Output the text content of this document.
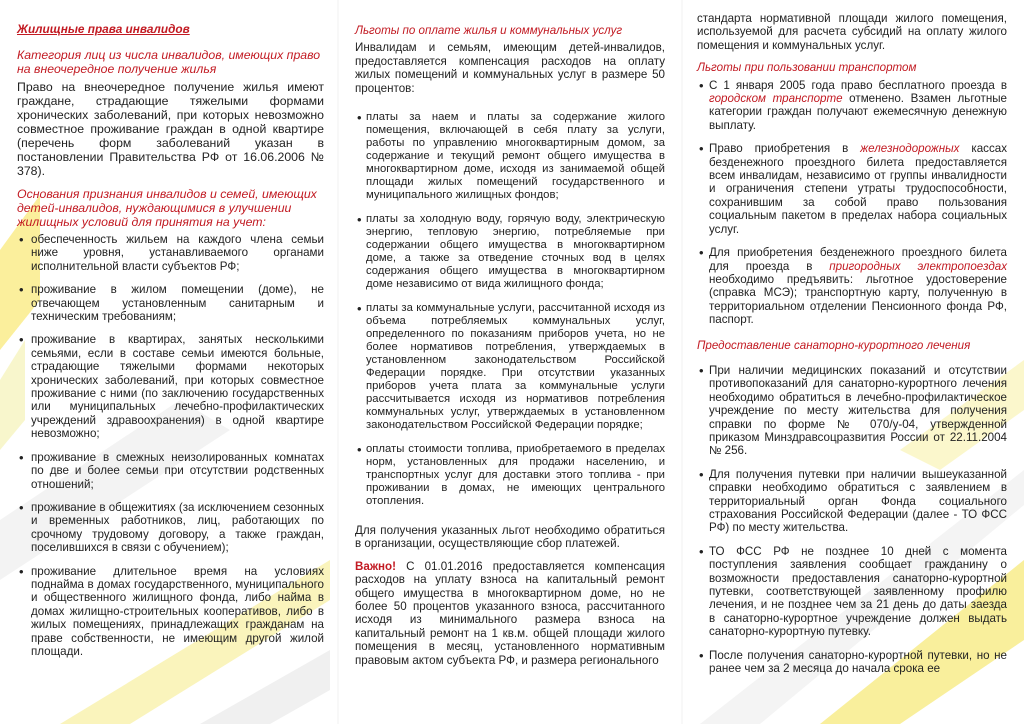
Жилищные права инвалидов
Категория лиц из числа инвалидов, имеющих право на внеочередное получение жилья

Право на внеочередное получение жилья имеют граждане, страдающие тяжелыми формами хронических заболеваний, при которых невозможно совместное проживание граждан в одной квартире (перечень форм заболеваний указан в постановлении Правительства РФ от 16.06.2006 № 378).

Основания признания инвалидов и семей, имеющих детей-инвалидов, нуждающимися в улучшении жилищных условий для принятия на учет:
• обеспеченность жильем на каждого члена семьи ниже уровня, устанавливаемого органами исполнительной власти субъектов РФ;
• проживание в жилом помещении (доме), не отвечающем установленным санитарным и техническим требованиям;
• проживание в квартирах, занятых несколькими семьями, если в составе семьи имеются больные, страдающие тяжелыми формами некоторых хронических заболеваний, при которых совместное проживание с ними (по заключению государственных или муниципальных лечебно-профилактических учреждений здравоохранения) в одной квартире невозможно;
• проживание в смежных неизолированных комнатах по две и более семьи при отсутствии родственных отношений;
• проживание в общежитиях (за исключением сезонных и временных работников, лиц, работающих по срочному трудовому договору, а также граждан, поселившихся в связи с обучением);
• проживание длительное время на условиях поднайма в домах государственного, муниципального и общественного жилищного фонда, либо найма в домах жилищно-строительных кооперативов, либо в жилых помещениях, принадлежащих гражданам на праве собственности, не имеющим другой жилой площади.
Льготы по оплате жилья и коммунальных услуг

Инвалидам и семьям, имеющим детей-инвалидов, предоставляется компенсация расходов на оплату жилых помещений и коммунальных услуг в размере 50 процентов:

• платы за наем и платы за содержание жилого помещения, включающей в себя плату за услуги, работы по управлению многоквартирным домом, за содержание и текущий ремонт общего имущества в многоквартирном доме, исходя из занимаемой общей площади жилых помещений государственного и муниципального жилищных фондов;
• платы за холодную воду, горячую воду, электрическую энергию, тепловую энергию, потребляемые при содержании общего имущества в многоквартирном доме, а также за отведение сточных вод в целях содержания общего имущества в многоквартирном доме независимо от вида жилищного фонда;
• платы за коммунальные услуги, рассчитанной исходя из объема потребляемых коммунальных услуг, определенного по показаниям приборов учета, но не более нормативов потребления, утверждаемых в установленном законодательством Российской Федерации порядке. При отсутствии указанных приборов учета плата за коммунальные услуги рассчитывается исходя из нормативов потребления коммунальных услуг, утверждаемых в установленном законодательством Российской Федерации порядке;
• оплаты стоимости топлива, приобретаемого в пределах норм, установленных для продажи населению, и транспортных услуг для доставки этого топлива - при проживании в домах, не имеющих центрального отопления.

Для получения указанных льгот необходимо обратиться в организации, осуществляющие сбор платежей.

Важно! С 01.01.2016 предоставляется компенсация расходов на уплату взноса на капитальный ремонт общего имущества в многоквартирном доме, но не более 50 процентов указанного взноса, рассчитанного исходя из минимального размера взноса на капитальный ремонт на 1 кв.м. общей площади жилого помещения в месяц, установленного нормативным правовым актом субъекта РФ, и размера регионального

стандарта нормативной площади жилого помещения, используемой для расчета субсидий на оплату жилого помещения и коммунальных услуг.

Льготы при пользовании транспортом
• С 1 января 2005 года право бесплатного проезда в городском транспорте отменено. Взамен льготные категории граждан получают ежемесячную денежную выплату.
• Право приобретения в железнодорожных кассах безденежного проездного билета предоставляется всем инвалидам, независимо от группы инвалидности и ограничения степени утраты трудоспособности, сохранившим за собой право пользования социальным пакетом в пределах набора социальных услуг.
• Для приобретения безденежного проездного билета для проезда в пригородных электропоездах необходимо предъявить: льготное удостоверение (справка МСЭ); транспортную карту, полученную в территориальном отделении Пенсионного фонда РФ, паспорт.
Предоставление санаторно-курортного лечения
• При наличии медицинских показаний и отсутствии противопоказаний для санаторно-курортного лечения необходимо обратиться в лечебно-профилактическое учреждение по месту жительства для получения справки по форме № 070/у-04, утвержденной приказом Минздравсоцразвития России от 22.11.2004 № 256.
• Для получения путевки при наличии вышеуказанной справки необходимо обратиться с заявлением в территориальный орган Фонда социального страхования Российской Федерации (далее - ТО ФСС РФ) по месту жительства.
• ТО ФСС РФ не позднее 10 дней с момента поступления заявления сообщает гражданину о возможности предоставления санаторно-курортной путевки, соответствующей заявленному профилю лечения, и не позднее чем за 21 день до даты заезда в санаторно-курортное учреждение должен выдать санаторно-курортную путевку.
• После получения санаторно-курортной путевки, но не ранее чем за 2 месяца до начала срока ее
